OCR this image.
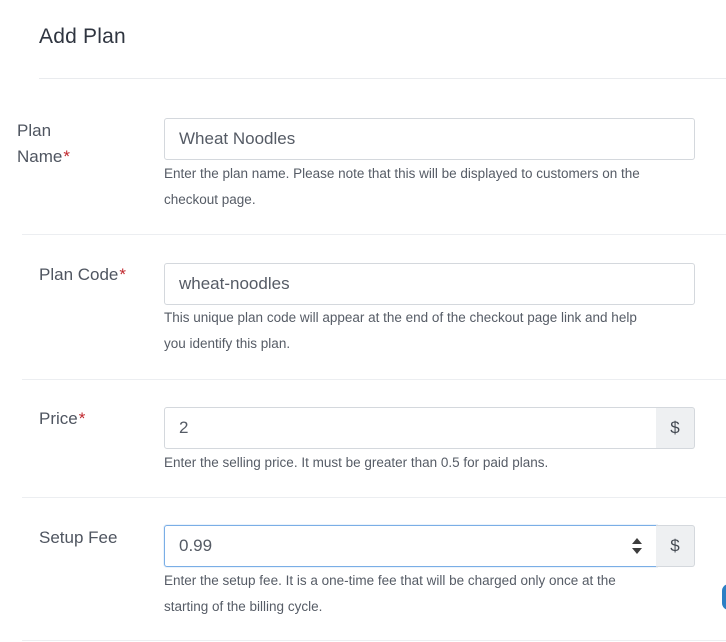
Add Plan
Plan
Name*
Wheat Noodles
Enter the plan name. Please note that this will be displayed to customers on the
checkout page.
Plan Code*	wheat-noodles
This unique plan code will appear at the end of the checkout page link and help
you identify this plan.
Price*	2	$
Enter the selling price. It must be greater than 0.5 for paid plans.
Setup Fee	0.99	$
Enter the setup fee. It is a one-time fee that will be charged only once at the
starting of the billing cycle.
